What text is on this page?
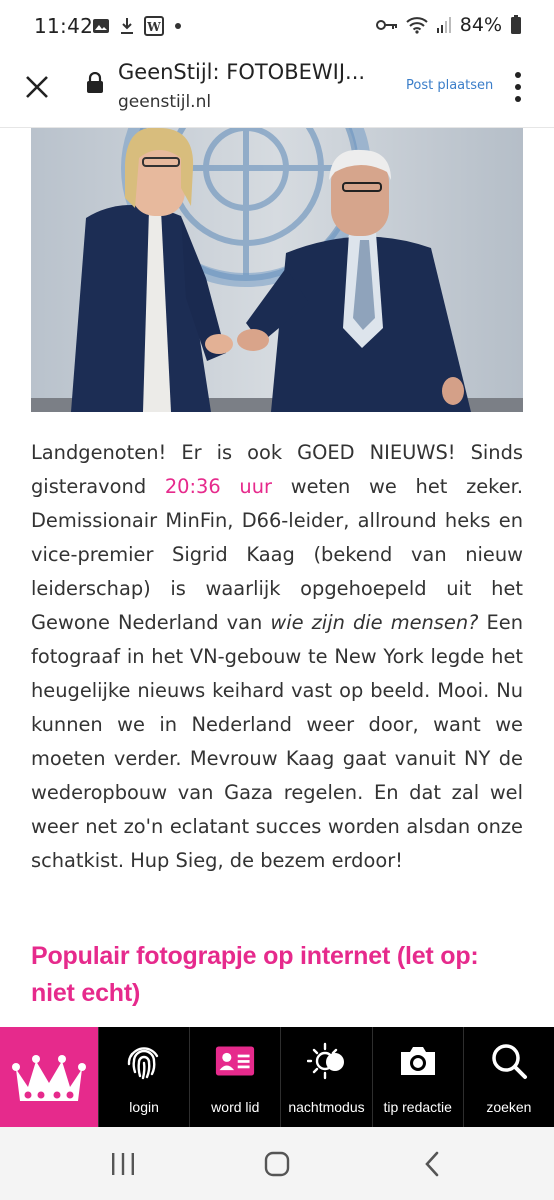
11:42	W	84%
GeenStijl: FOTOBEWIJ...
geenstijl.nl
Post plaatsen
Landgenoten! Er is ook GOED NIEUWS! Sinds gisteravond 20:36 uur weten we het zeker. Demissionair MinFin, D66-leider, allround heks en vice-premier Sigrid Kaag (bekend van nieuw leiderschap) is waarlijk opgehoepeld uit het Gewone Nederland van wie zijn die mensen? Een fotograaf in het VN-gebouw te New York legde het heugelijke nieuws keihard vast op beeld. Mooi. Nu kunnen we in Nederland weer door, want we moeten verder. Mevrouw Kaag gaat vanuit NY de wederopbouw van Gaza regelen. En dat zal wel weer net zo'n eclatant succes worden alsdan onze schatkist. Hup Sieg, de bezem erdoor!
Populair fotograpje op internet (let op: niet echt)
login	word lid nachtmodus tip redactie zoeken
